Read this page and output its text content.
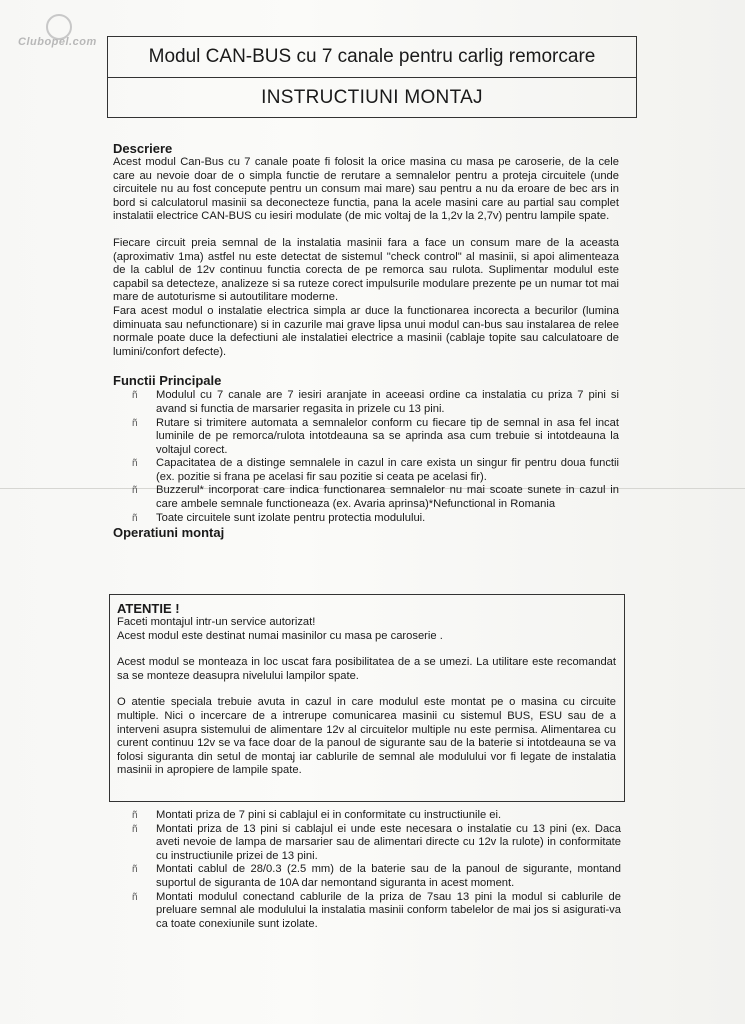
Clubopel.com
Modul CAN-BUS cu 7 canale pentru carlig remorcare
INSTRUCTIUNI MONTAJ
Descriere

Acest modul Can-Bus cu 7 canale poate fi folosit la orice masina cu masa pe caroserie, de la cele care au nevoie doar de o simpla functie de rerutare a semnalelor pentru a proteja circuitele (unde circuitele nu au fost concepute pentru un consum mai mare) sau pentru a nu da eroare de bec ars in bord si calculatorul masinii sa deconecteze functia, pana la acele masini care au partial sau complet instalatii electrice CAN-BUS cu iesiri modulate (de mic voltaj de la 1,2v la 2,7v) pentru lampile spate.

Fiecare circuit preia semnal de la instalatia masinii fara a face un consum mare de la aceasta (aproximativ 1ma) astfel nu este detectat de sistemul "check control" al masinii, si apoi alimenteaza de la cablul de 12v continuu functia corecta de pe remorca sau rulota. Suplimentar modulul este capabil sa detecteze, analizeze si sa ruteze corect impulsurile modulare prezente pe un numar tot mai mare de autoturisme si autoutilitare moderne.

Fara acest modul o instalatie electrica simpla ar duce la functionarea incorecta a becurilor (lumina diminuata sau nefunctionare) si in cazurile mai grave lipsa unui modul can-bus sau instalarea de relee normale poate duce la defectiuni ale instalatiei electrice a masinii (cablaje topite sau calculatoare de lumini/confort defecte).

Functii Principale
ñ Modulul cu 7 canale are 7 iesiri aranjate in aceeasi ordine ca instalatia cu priza 7 pini si avand si functia de marsarier regasita in prizele cu 13 pini.
ñ Rutare si trimitere automata a semnalelor conform cu fiecare tip de semnal in asa fel incat luminile de pe remorca/rulota intotdeauna sa se aprinda asa cum trebuie si intotdeauna la voltajul corect.
ñ Capacitatea de a distinge semnalele in cazul in care exista un singur fir pentru doua functii (ex. pozitie si frana pe acelasi fir sau pozitie si ceata pe acelasi fir).
ñ Buzzerul* incorporat care indica functionarea semnalelor nu mai scoate sunete in cazul in care ambele semnale functioneaza (ex. Avaria aprinsa)*Nefunctional in Romania
ñ Toate circuitele sunt izolate pentru protectia modulului.
Operatiuni montaj
ATENTIE !

Faceti montajul intr-un service autorizat!

Acest modul este destinat numai masinilor cu masa pe caroserie .

Acest modul se monteaza in loc uscat fara posibilitatea de a se umezi. La utilitare este recomandat sa se monteze deasupra nivelului lampilor spate.

O atentie speciala trebuie avuta in cazul in care modulul este montat pe o masina cu circuite multiple. Nici o incercare de a intrerupe comunicarea masinii cu sistemul BUS, ESU sau de a interveni asupra sistemului de alimentare 12v al circuitelor multiple nu este permisa. Alimentarea cu curent continuu 12v se va face doar de la panoul de sigurante sau de la baterie si intotdeauna se va folosi siguranta din setul de montaj iar cablurile de semnal ale modulului vor fi legate de instalatia masinii in apropiere de lampile spate.

ñ Montati priza de 7 pini si cablajul ei in conformitate cu instructiunile ei.
ñ Montati priza de 13 pini si cablajul ei unde este necesara o instalatie cu 13 pini (ex. Daca aveti nevoie de lampa de marsarier sau de alimentari directe cu 12v la rulote) in conformitate cu instructiunile prizei de 13 pini.
ñ Montati cablul de 28/0.3 (2.5 mm) de la baterie sau de la panoul de sigurante, montand suportul de siguranta de 10A dar nemontand siguranta in acest moment.
ñ Montati modulul conectand cablurile de la priza de 7sau 13 pini la modul si cablurile de preluare semnal ale modulului la instalatia masinii conform tabelelor de mai jos si asigurati-va ca toate conexiunile sunt izolate.
